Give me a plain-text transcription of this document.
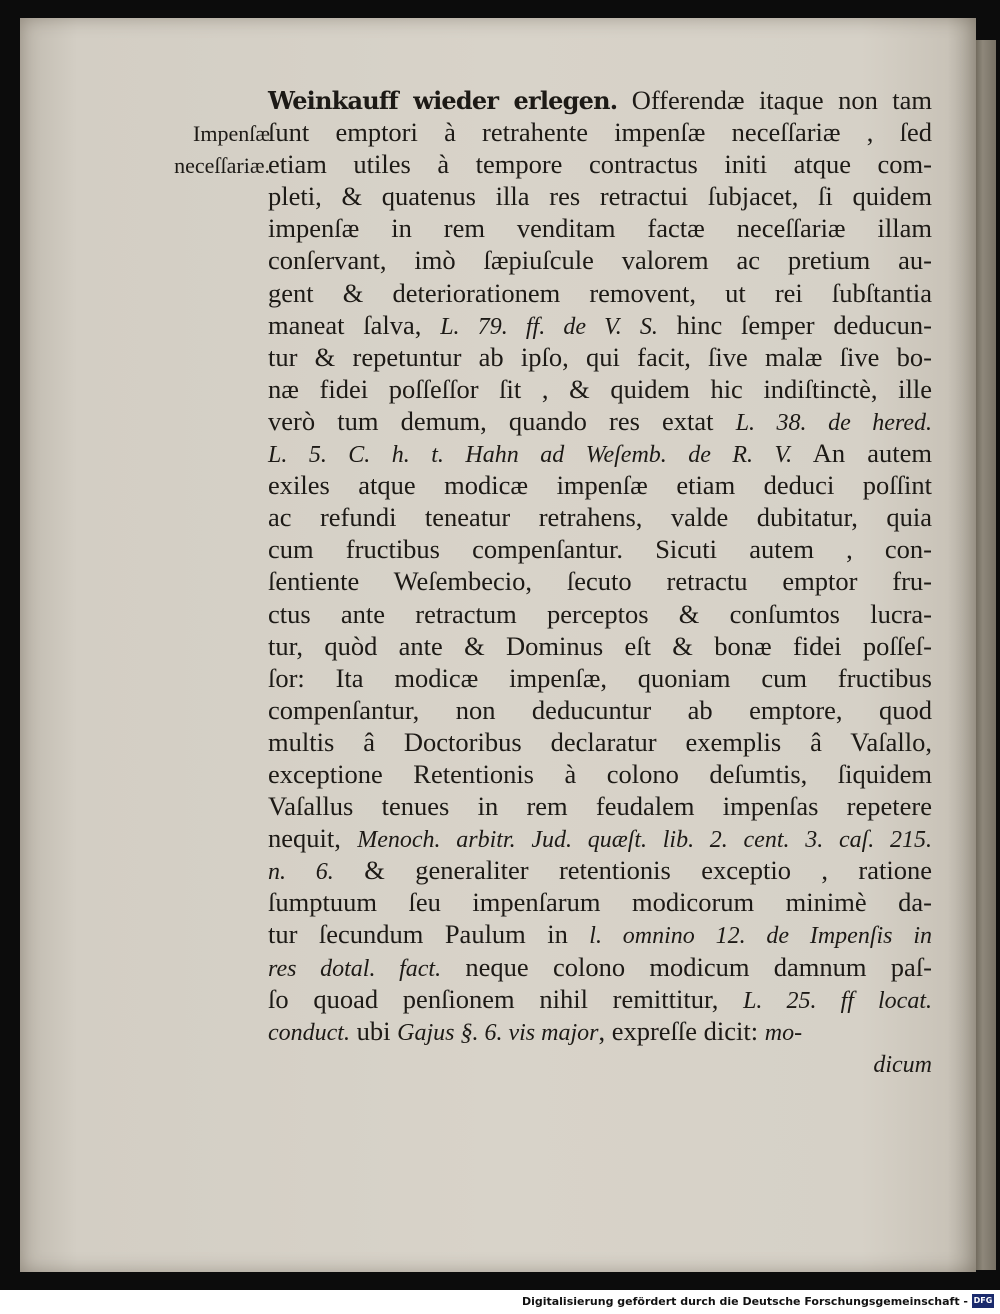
Impenſæ
neceſſariæ.
Weinkauff wieder erlegen. Offerendæ itaque non tam
ſunt emptori à retrahente impenſæ neceſſariæ , ſed
etiam utiles à tempore contractus initi atque com-
pleti, & quatenus illa res retractui ſubjacet, ſi quidem
impenſæ in rem venditam factæ neceſſariæ illam
conſervant, imò ſæpiuſcule valorem ac pretium au-
gent & deteriorationem removent, ut rei ſubſtantia
maneat ſalva, L. 79. ff. de V. S. hinc ſemper deducun-
tur & repetuntur ab ipſo, qui facit, ſive malæ ſive bo-
næ fidei poſſeſſor ſit , & quidem hic indiſtinctè, ille
verò tum demum, quando res extat L. 38. de hered.
L. 5. C. h. t. Hahn ad Weſemb. de R. V. An autem
exiles atque modicæ impenſæ etiam deduci poſſint
ac refundi teneatur retrahens, valde dubitatur, quia
cum fructibus compenſantur. Sicuti autem , con-
ſentiente Weſembecio, ſecuto retractu emptor fru-
ctus ante retractum perceptos & conſumtos lucra-
tur, quòd ante & Dominus eſt & bonæ fidei poſſeſ-
ſor: Ita modicæ impenſæ, quoniam cum fructibus
compenſantur, non deducuntur ab emptore, quod
multis â Doctoribus declaratur exemplis â Vaſallo,
exceptione Retentionis à colono deſumtis, ſiquidem
Vaſallus tenues in rem feudalem impenſas repetere
nequit, Menoch. arbitr. Jud. quæſt. lib. 2. cent. 3. caſ. 215.
n. 6. & generaliter retentionis exceptio , ratione
ſumptuum ſeu impenſarum modicorum minimè da-
tur ſecundum Paulum in l. omnino 12. de Impenſis in
res dotal. fact. neque colono modicum damnum paſ-
ſo quoad penſionem nihil remittitur, L. 25. ff locat.
conduct. ubi Gajus §. 6. vis major, expreſſe dicit: mo-
dicum
Digitalisierung gefördert durch die Deutsche Forschungsgemeinschaft - DFG
